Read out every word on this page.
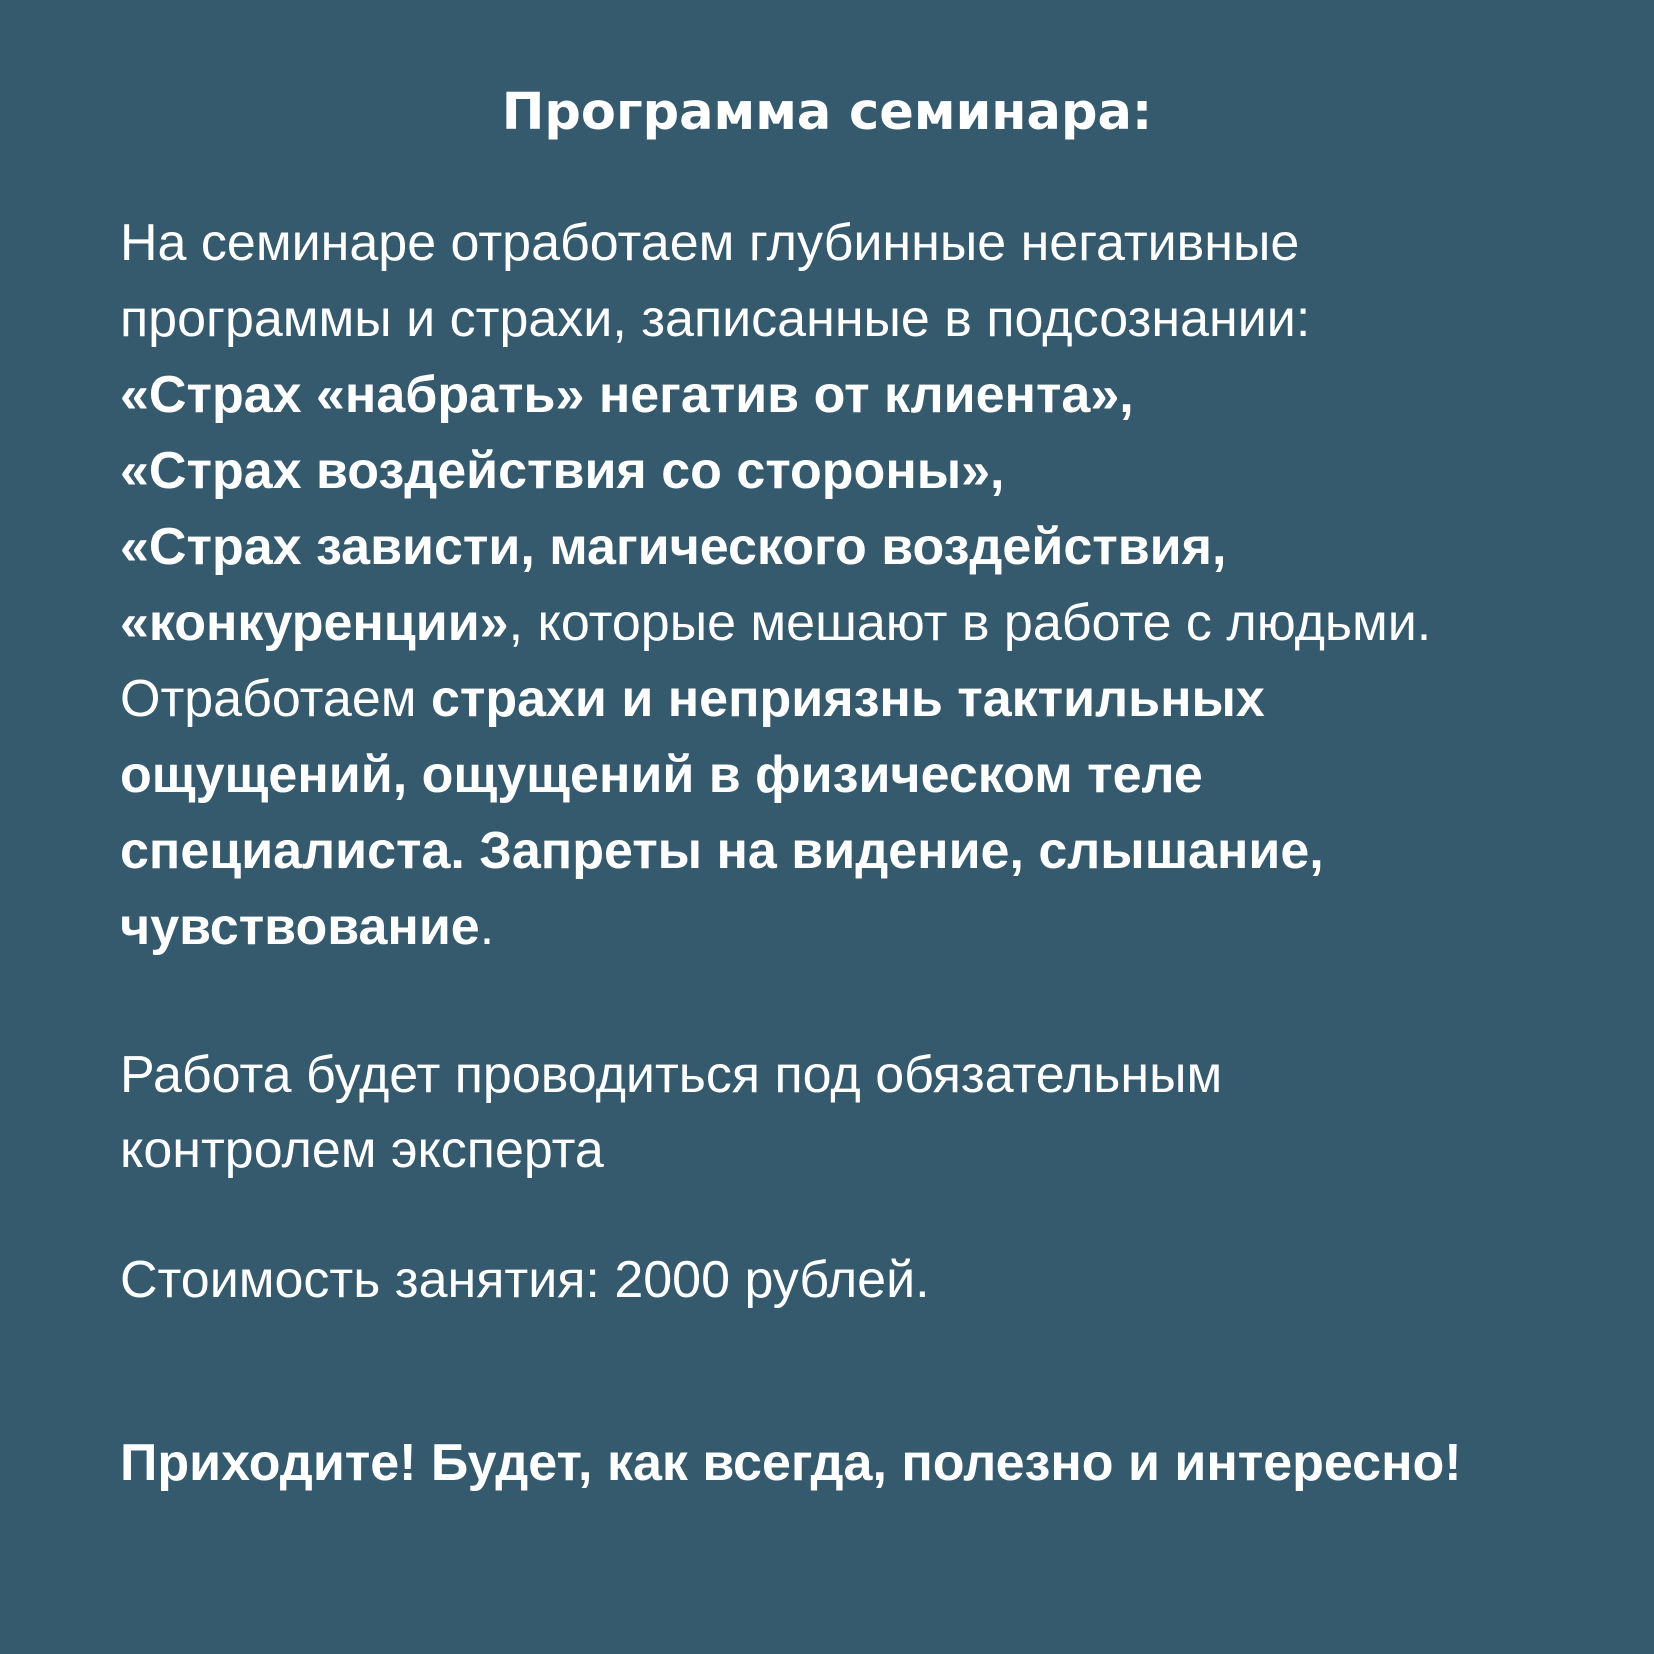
Программа семинара:
На семинаре отработаем глубинные негативные
программы и страхи, записанные в подсознании:
«Страх «набрать» негатив от клиента»,
«Страх воздействия со стороны»,
«Страх зависти, магического воздействия,
«конкуренции», которые мешают в работе с людьми.
Отработаем страхи и неприязнь тактильных
ощущений, ощущений в физическом теле
специалиста. Запреты на видение, слышание,
чувствование.
Работа будет проводиться под обязательным
контролем эксперта
Стоимость занятия: 2000 рублей.
Приходите! Будет, как всегда, полезно и интересно!
